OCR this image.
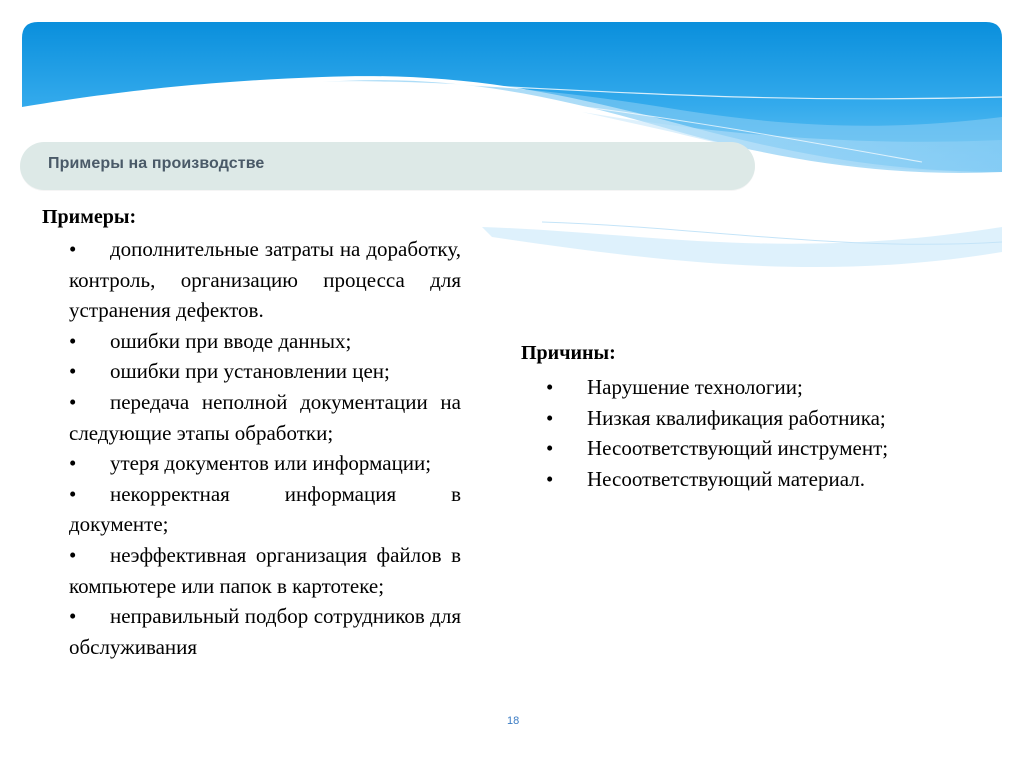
Примеры на производстве
Примеры:
• дополнительные затраты на доработку, контроль, организацию процесса для устранения дефектов.
• ошибки при вводе данных;
• ошибки при установлении цен;
• передача неполной документации на следующие этапы обработки;
• утеря документов или информации;
• некорректная информация в документе;
• неэффективная организация файлов в компьютере или папок в картотеке;
• неправильный подбор сотрудников для обслуживания
Причины:
• Нарушение технологии;
• Низкая квалификация работника;
• Несоответствующий инструмент;
• Несоответствующий материал.
18
